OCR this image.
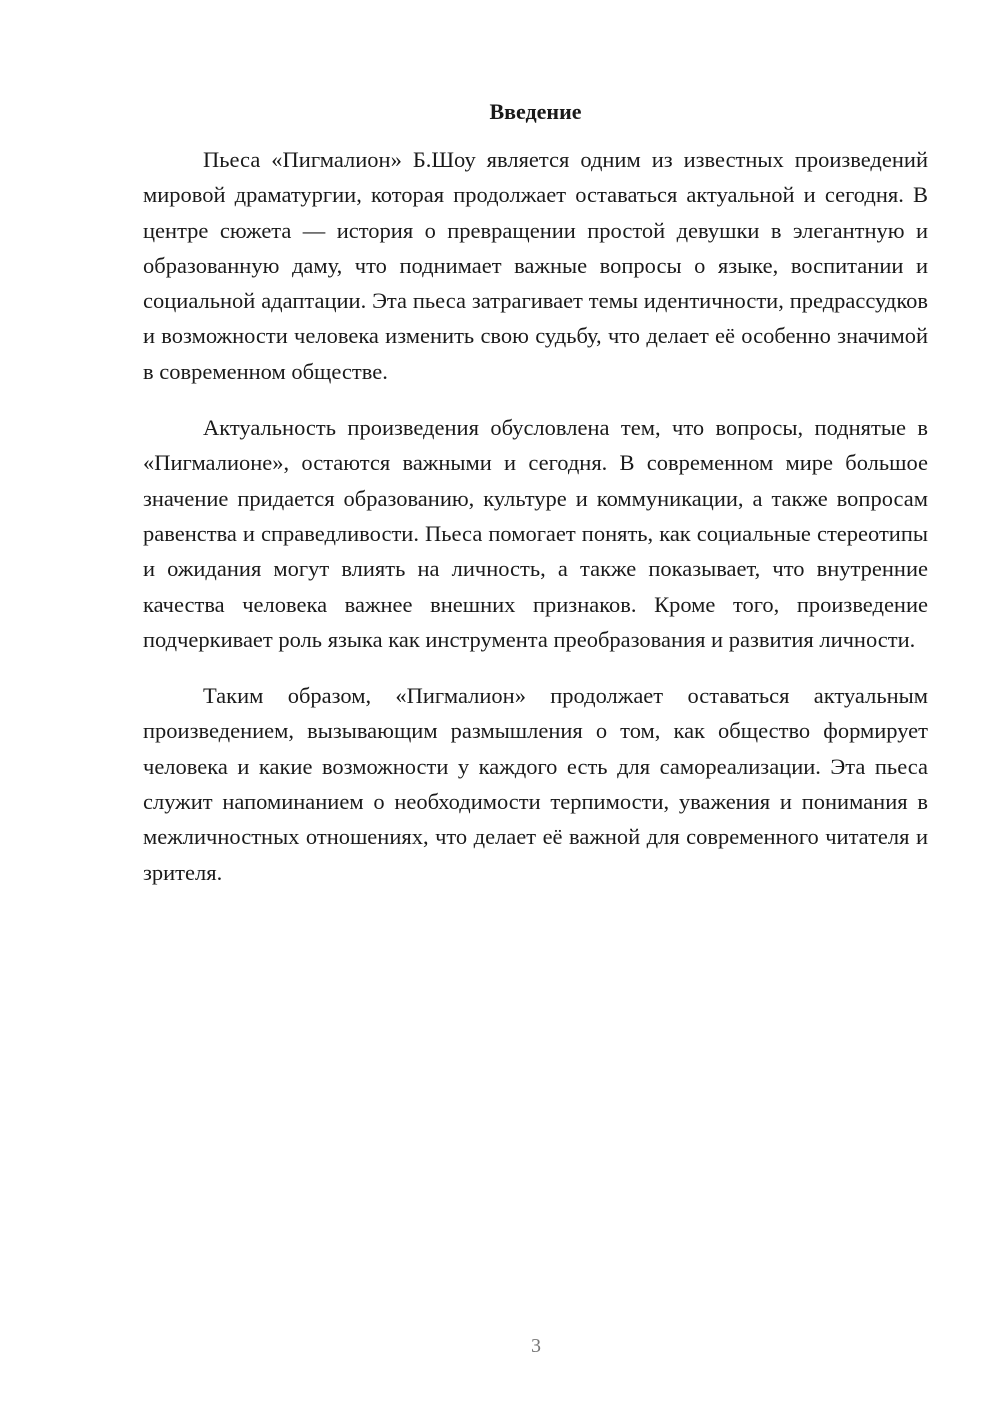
Введение

Пьеса «Пигмалион» Б.Шоу является одним из известных произведений мировой драматургии, которая продолжает оставаться актуальной и сегодня. В центре сюжета — история о превращении простой девушки в элегантную и образованную даму, что поднимает важные вопросы о языке, воспитании и социальной адаптации. Эта пьеса затрагивает темы идентичности, предрассудков и возможности человека изменить свою судьбу, что делает её особенно значимой в современном обществе.

Актуальность произведения обусловлена тем, что вопросы, поднятые в «Пигмалионе», остаются важными и сегодня. В современном мире большое значение придается образованию, культуре и коммуникации, а также вопросам равенства и справедливости. Пьеса помогает понять, как социальные стереотипы и ожидания могут влиять на личность, а также показывает, что внутренние качества человека важнее внешних признаков. Кроме того, произведение подчеркивает роль языка как инструмента преобразования и развития личности.

Таким образом, «Пигмалион» продолжает оставаться актуальным произведением, вызывающим размышления о том, как общество формирует человека и какие возможности у каждого есть для самореализации. Эта пьеса служит напоминанием о необходимости терпимости, уважения и понимания в межличностных отношениях, что делает её важной для современного читателя и зрителя.

3
